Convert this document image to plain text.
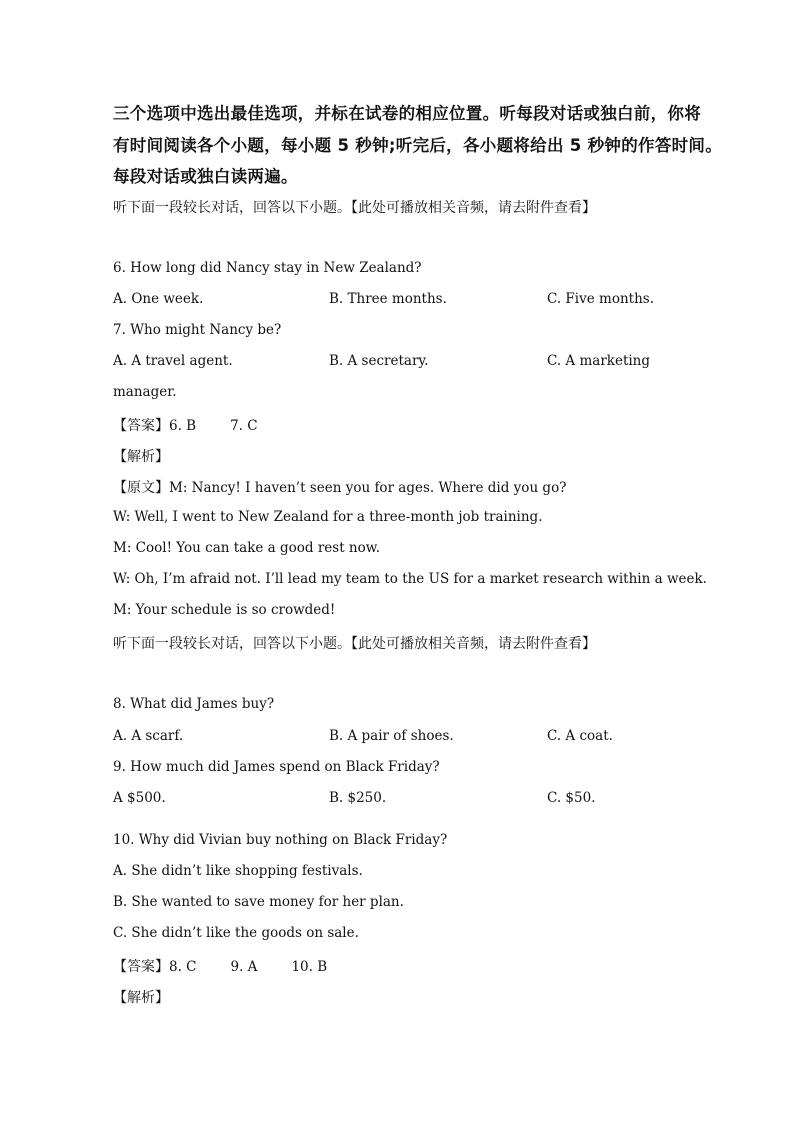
三个选项中选出最佳选项，并标在试卷的相应位置。听每段对话或独白前，你将
有时间阅读各个小题，每小题 5 秒钟;听完后，各小题将给出 5 秒钟的作答时间。
每段对话或独白读两遍。
听下面一段较长对话，回答以下小题。【此处可播放相关音频，请去附件查看】
6. How long did Nancy stay in New Zealand?
A. One week.	B. Three months.	C. Five months.
7. Who might Nancy be?
A. A travel agent.	B. A secretary.	C. A marketing
manager.
【答案】6. B	7. C
【解析】
【原文】M: Nancy! I haven’t seen you for ages. Where did you go?
W: Well, I went to New Zealand for a three-month job training.
M: Cool! You can take a good rest now.
W: Oh, I’m afraid not. I’ll lead my team to the US for a market research within a week.
M: Your schedule is so crowded!
听下面一段较长对话，回答以下小题。【此处可播放相关音频，请去附件查看】
8. What did James buy?
A. A scarf.	B. A pair of shoes.	C. A coat.
9. How much did James spend on Black Friday?
A $500.	B. $250.	C. $50.
10. Why did Vivian buy nothing on Black Friday?
A. She didn’t like shopping festivals.
B. She wanted to save money for her plan.
C. She didn’t like the goods on sale.
【答案】8. C	9. A	10. B
【解析】
